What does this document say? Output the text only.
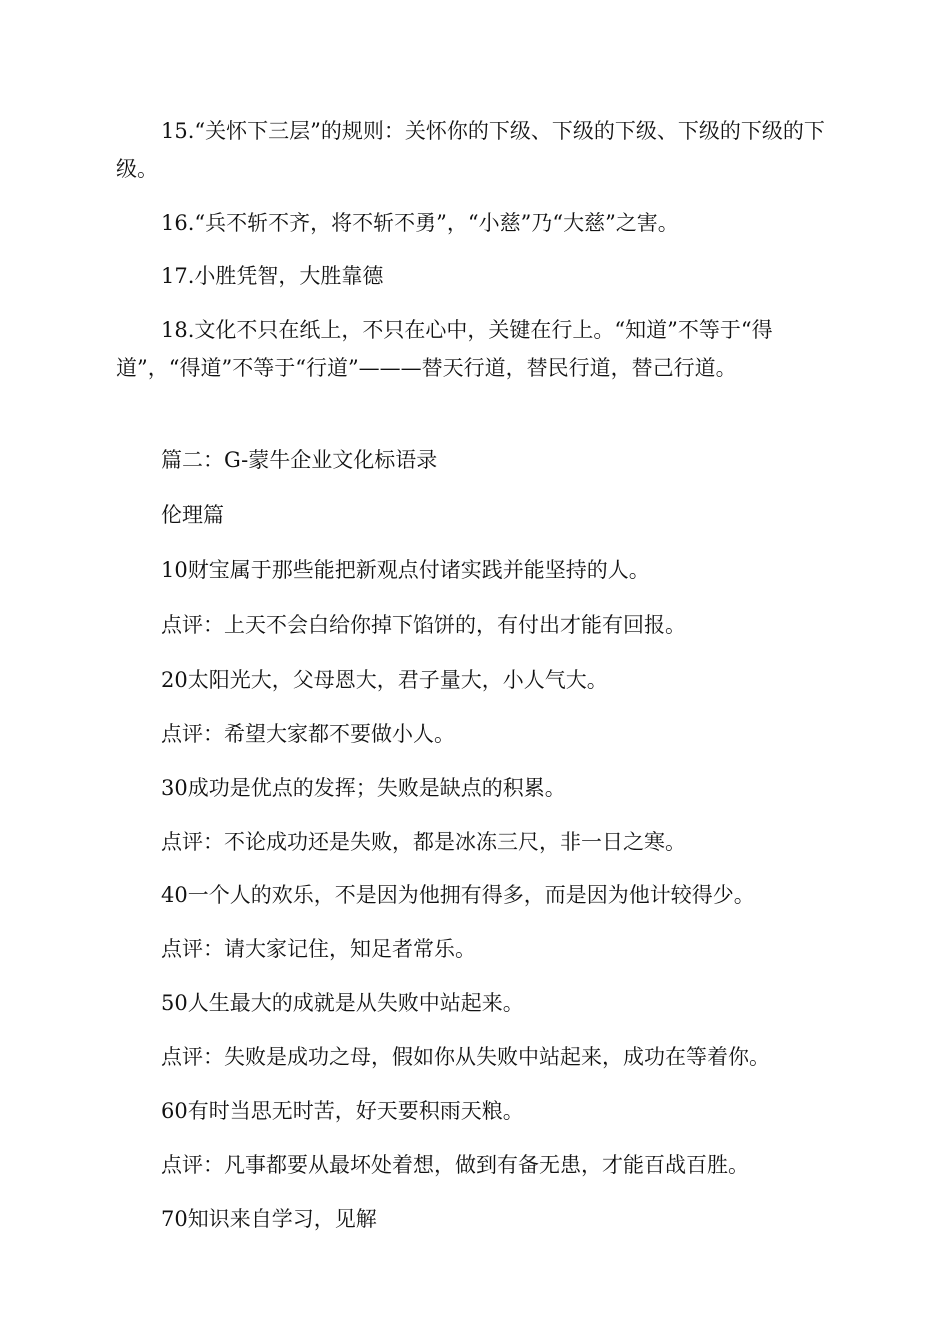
15.“关怀下三层”的规则：关怀你的下级、下级的下级、下级的下级的下级。

16.“兵不斩不齐，将不斩不勇”，“小慈”乃“大慈”之害。

17.小胜凭智，大胜靠德

18.文化不只在纸上，不只在心中，关键在行上。“知道”不等于“得道”，“得道”不等于“行道”———替天行道，替民行道，替己行道。

篇二：G-蒙牛企业文化标语录

伦理篇

10财宝属于那些能把新观点付诸实践并能坚持的人。

点评：上天不会白给你掉下馅饼的，有付出才能有回报。

20太阳光大，父母恩大，君子量大，小人气大。

点评：希望大家都不要做小人。

30成功是优点的发挥；失败是缺点的积累。

点评：不论成功还是失败，都是冰冻三尺，非一日之寒。

40一个人的欢乐，不是因为他拥有得多，而是因为他计较得少。

点评：请大家记住，知足者常乐。

50人生最大的成就是从失败中站起来。

点评：失败是成功之母，假如你从失败中站起来，成功在等着你。

60有时当思无时苦，好天要积雨天粮。

点评：凡事都要从最坏处着想，做到有备无患，才能百战百胜。

70知识来自学习，见解
